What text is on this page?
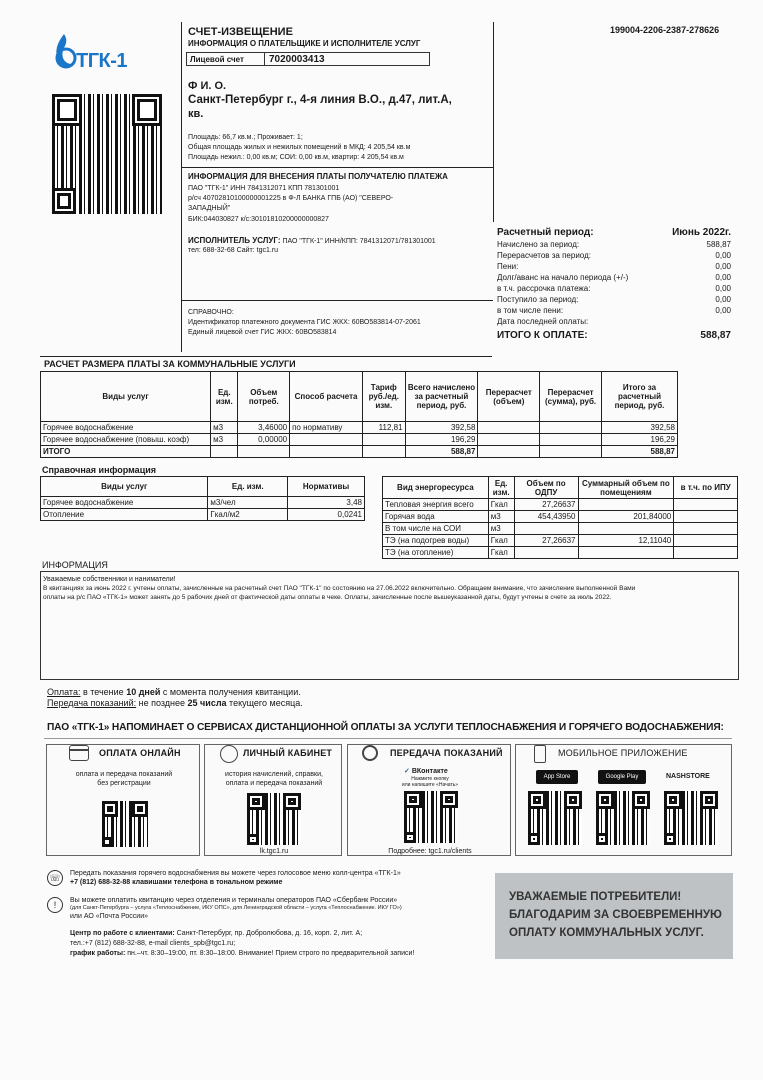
199004-2206-2387-278626
ТГК-1
СЧЕТ-ИЗВЕЩЕНИЕ
ИНФОРМАЦИЯ О ПЛАТЕЛЬЩИКЕ И ИСПОЛНИТЕЛЕ УСЛУГ
Лицевой счет	7020003413
Ф И. О.
Санкт-Петербург г., 4-я линия В.О., д.47, лит.А,
кв.
Площадь: 66,7 кв.м.; Проживает: 1;
Общая площадь жилых и нежилых помещений в МКД: 4 205,54 кв.м
Площадь нежил.: 0,00 кв.м; СОИ: 0,00 кв.м, квартир: 4 205,54 кв.м
ИНФОРМАЦИЯ ДЛЯ ВНЕСЕНИЯ ПЛАТЫ ПОЛУЧАТЕЛЮ ПЛАТЕЖА
ПАО "ТГК-1" ИНН 7841312071 КПП 781301001
р/сч 40702810100000001225 в Ф-Л БАНКА ГПБ (АО) "СЕВЕРО-
ЗАПАДНЫЙ"
БИК:044030827 к/с:30101810200000000827
ИСПОЛНИТЕЛЬ УСЛУГ: ПАО "ТГК-1" ИНН/КПП: 7841312071/781301001
тел: 688-32-68 Сайт: tgc1.ru
СПРАВОЧНО:
Идентификатор платежного документа ГИС ЖКХ: 60ВО583814-07-2061
Единый лицевой счет ГИС ЖКХ: 60ВО583814
Расчетный период:	Июнь 2022г.
Начислено за период:	588,87
Перерасчетов за период:	0,00
Пени:	0,00
Долг/аванс на начало периода (+/-)	0,00
в т.ч. рассрочка платежа:	0,00
Поступило за период:	0,00
в том числе пени:	0,00
Дата последней оплаты:
ИТОГО К ОПЛАТЕ:	588,87
РАСЧЕТ РАЗМЕРА ПЛАТЫ ЗА КОММУНАЛЬНЫЕ УСЛУГИ
Виды услуг	Ед. изм.	Объем потреб.	Способ расчета	Тариф руб./ед. изм.	Всего начислено за расчетный период, руб.	Перерасчет (объем)	Перерасчет (сумма), руб.	Итого за расчетный период, руб.
Горячее водоснабжение	м3	3,46000	по нормативу	112,81	392,58			392,58
Горячее водоснабжение (повыш. коэф)	м3	0,00000			196,29			196,29
ИТОГО					588,87			588,87
Справочная информация
Виды услуг	Ед. изм.	Нормативы
Горячее водоснабжение	м3/чел	3,48
Отопление	Гкал/м2	0,0241
Вид энергоресурса	Ед. изм.	Объем по ОДПУ	Суммарный объем по помещениям	в т.ч. по ИПУ
Тепловая энергия всего	Гкал	27,26637		
Горячая вода	м3	454,43950	201,84000	
В том числе на СОИ	м3			
ТЭ (на подогрев воды)	Гкал	27,26637	12,11040	
ТЭ (на отопление)	Гкал			
ИНФОРМАЦИЯ
Уважаемые собственники и наниматели!
В квитанциях за июнь 2022 г. учтены оплаты, зачисленные на расчетный счет ПАО "ТГК-1" по состоянию на 27.06.2022 включительно. Обращаем внимание, что зачисление выполненной Вами
оплаты на р/с ПАО «ТГК-1» может занять до 5 рабочих дней от фактической даты оплаты в чеке. Оплаты, зачисленные после вышеуказанной даты, будут учтены в счете за июль 2022.
Оплата: в течение 10 дней с момента получения квитанции.
Передача показаний: не позднее 25 числа текущего месяца.
ПАО «ТГК-1» НАПОМИНАЕТ О СЕРВИСАХ ДИСТАНЦИОННОЙ ОПЛАТЫ ЗА УСЛУГИ ТЕПЛОСНАБЖЕНИЯ И ГОРЯЧЕГО ВОДОСНАБЖЕНИЯ:
ОПЛАТА ОНЛАЙН
оплата и передача показаний
без регистрации
ЛИЧНЫЙ КАБИНЕТ
история начислений, справки,
оплата и передача показаний
lk.tgc1.ru
ПЕРЕДАЧА ПОКАЗАНИЙ
✓ ВКонтакте
Нажмите кнопку
или напишите «Начать»
Подробнее: tgc1.ru/clients
МОБИЛЬНОЕ ПРИЛОЖЕНИЕ
App Store	Google Play	NASHSTORE
☏	Передать показания горячего водоснабжения вы можете через голосовое меню колл-центра «ТГК-1»
+7 (812) 688-32-88 клавишами телефона в тональном режиме
!	Вы можете оплатить квитанцию через отделения и терминалы операторов ПАО «Сбербанк России»
(для Санкт-Петербурга – услуга «Теплоснабжение, ИКУ ОПС», для Ленинградской области – услуга «Теплоснабжение. ИКУ ГО»)
или АО «Почта России»
Центр по работе с клиентами: Санкт-Петербург, пр. Добролюбова, д. 16, корп. 2, лит. А;
тел.:+7 (812) 688-32-88, e-mail clients_spb@tgc1.ru;
график работы: пн.–чт. 8:30–19:00, пт. 8:30–18:00. Внимание! Прием строго по предварительной записи!
УВАЖАЕМЫЕ ПОТРЕБИТЕЛИ!
БЛАГОДАРИМ ЗА СВОЕВРЕМЕННУЮ
ОПЛАТУ КОММУНАЛЬНЫХ УСЛУГ.
